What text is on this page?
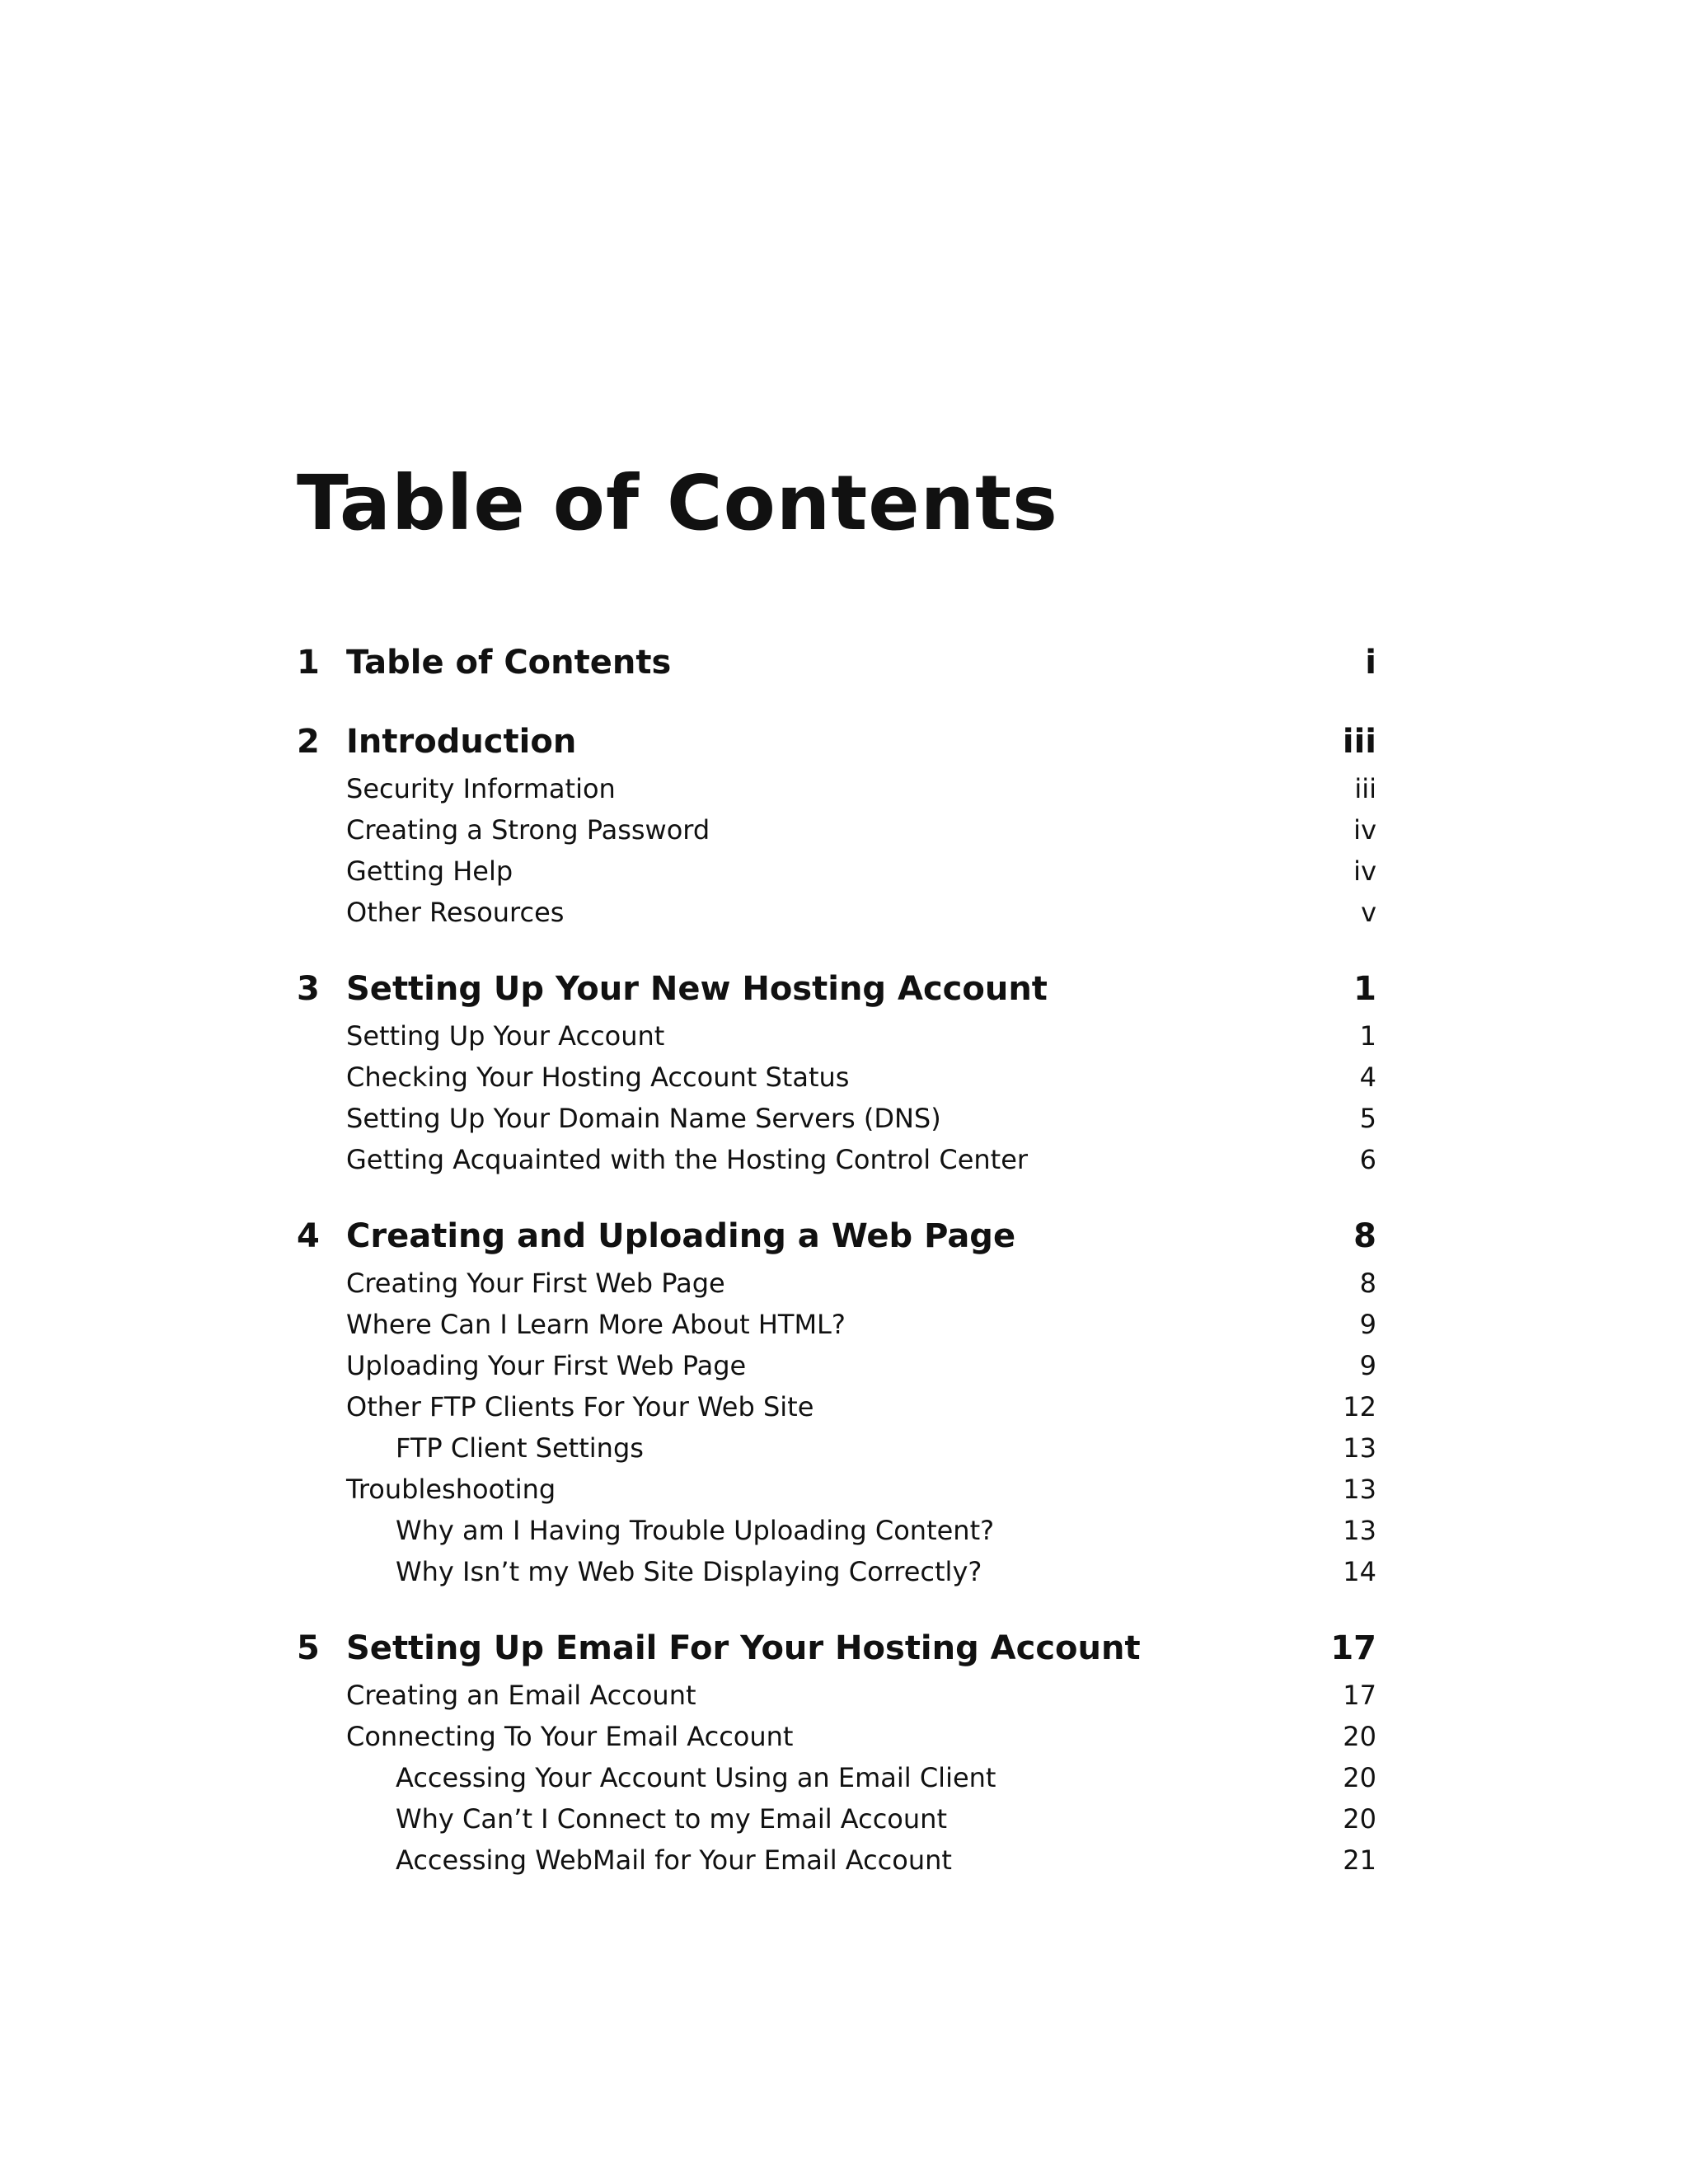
Table of Contents
1 Table of Contents	i
2 Introduction	iii
Security Information	iii
Creating a Strong Password	iv
Getting Help	iv
Other Resources	v
3 Setting Up Your New Hosting Account	1
Setting Up Your Account	1
Checking Your Hosting Account Status	4
Setting Up Your Domain Name Servers (DNS)	5
Getting Acquainted with the Hosting Control Center	6
4 Creating and Uploading a Web Page	8
Creating Your First Web Page	8
Where Can I Learn More About HTML?	9
Uploading Your First Web Page	9
Other FTP Clients For Your Web Site	12
FTP Client Settings	13
Troubleshooting	13
Why am I Having Trouble Uploading Content?	13
Why Isn’t my Web Site Displaying Correctly?	14
5 Setting Up Email For Your Hosting Account	17
Creating an Email Account	17
Connecting To Your Email Account	20
Accessing Your Account Using an Email Client	20
Why Can’t I Connect to my Email Account	20
Accessing WebMail for Your Email Account	21
